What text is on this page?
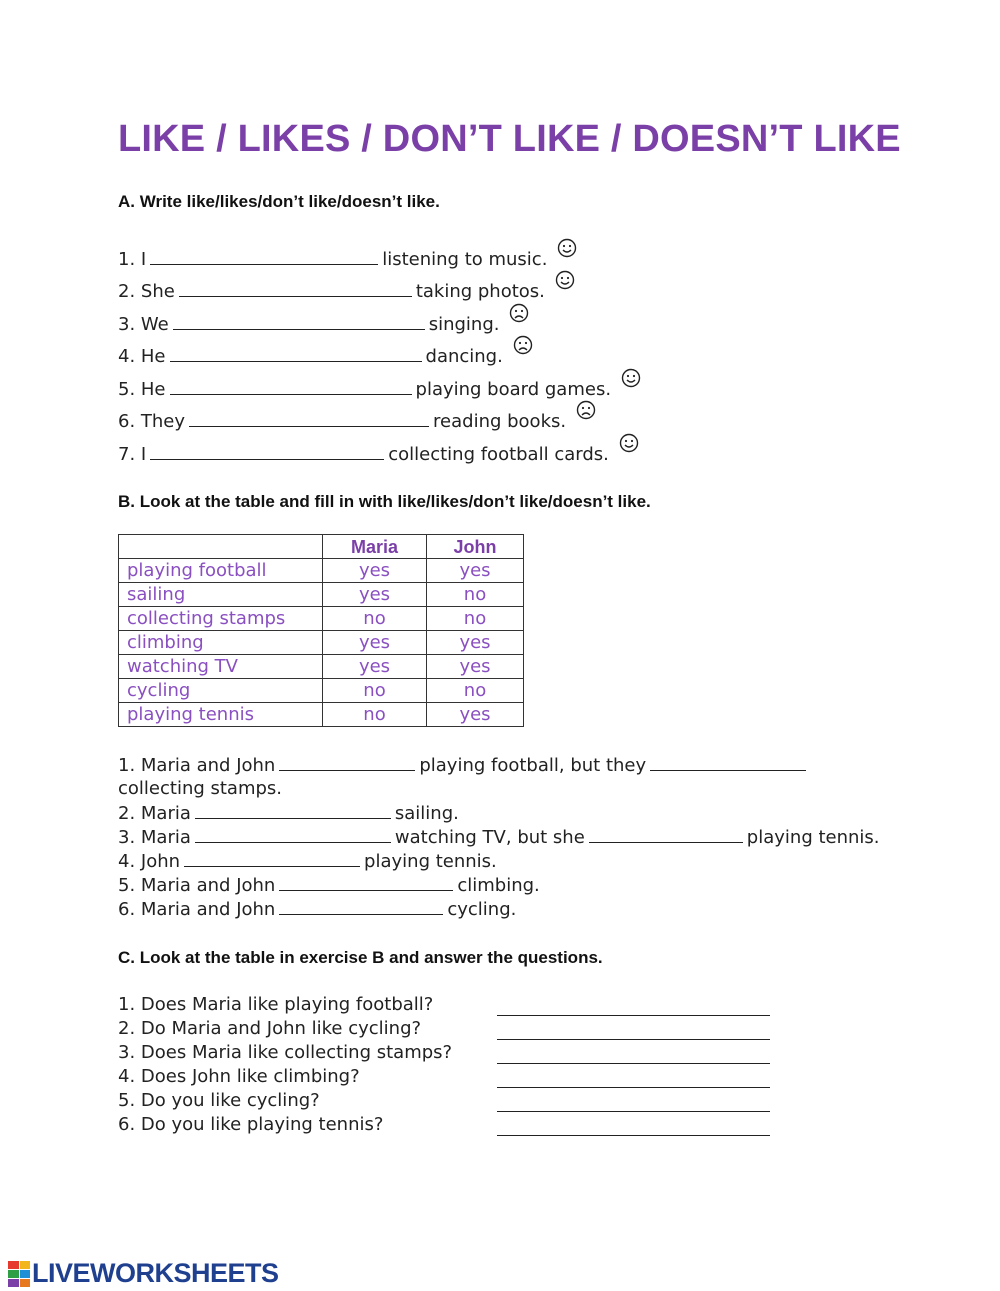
LIKE / LIKES / DON’T LIKE / DOESN’T LIKE
A. Write like/likes/don’t like/doesn’t like.
1. I	listening to music.
2. She	taking photos.
3. We	singing.
4. He	dancing.
5. He	playing board games.
6. They	reading books.
7. I	collecting football cards.
B. Look at the table and fill in with like/likes/don’t like/doesn’t like.
	Maria	John
playing football	yes	yes
sailing	yes	no
collecting stamps	no	no
climbing	yes	yes
watching TV	yes	yes
cycling	no	no
playing tennis	no	yes
1. Maria and John	playing football, but they
collecting stamps.
2. Maria	sailing.
3. Maria	watching TV, but she	playing tennis.
4. John	playing tennis.
5. Maria and John	climbing.
6. Maria and John	cycling.
C. Look at the table in exercise B and answer the questions.
1. Does Maria like playing football?
2. Do Maria and John like cycling?
3. Does Maria like collecting stamps?
4. Does John like climbing?
5. Do you like cycling?
6. Do you like playing tennis?
LIVEWORKSHEETS
